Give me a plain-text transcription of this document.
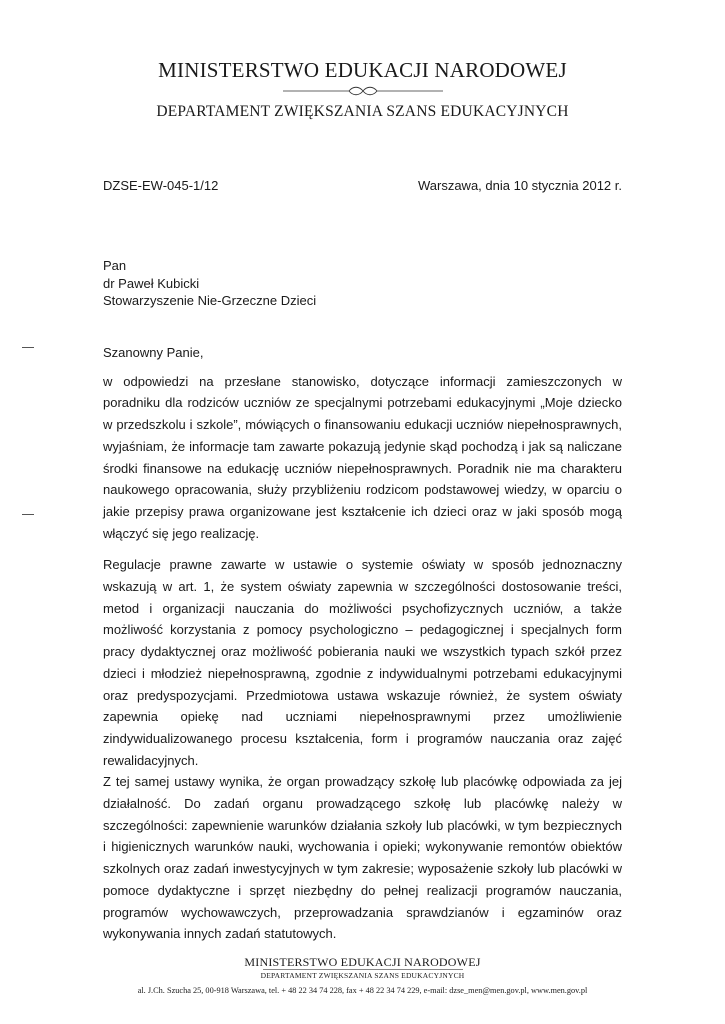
MINISTERSTWO EDUKACJI NARODOWEJ
DEPARTAMENT ZWIĘKSZANIA SZANS EDUKACYJNYCH
DZSE-EW-045-1/12	Warszawa, dnia 10 stycznia 2012 r.
Pan
dr Paweł Kubicki
Stowarzyszenie Nie-Grzeczne Dzieci

Szanowny Panie,

w odpowiedzi na przesłane stanowisko, dotyczące informacji zamieszczonych w poradniku dla rodziców uczniów ze specjalnymi potrzebami edukacyjnymi „Moje dziecko w przedszkolu i szkole”, mówiących o finansowaniu edukacji uczniów niepełnosprawnych, wyjaśniam, że informacje tam zawarte pokazują jedynie skąd pochodzą i jak są naliczane środki finansowe na edukację uczniów niepełnosprawnych. Poradnik nie ma charakteru naukowego opracowania, służy przybliżeniu rodzicom podstawowej wiedzy, w oparciu o jakie przepisy prawa organizowane jest kształcenie ich dzieci oraz w jaki sposób mogą włączyć się jego realizację.

Regulacje prawne zawarte w ustawie o systemie oświaty w sposób jednoznaczny wskazują w art. 1, że system oświaty zapewnia w szczególności dostosowanie treści, metod i organizacji nauczania do możliwości psychofizycznych uczniów, a także możliwość korzystania z pomocy psychologiczno – pedagogicznej i specjalnych form pracy dydaktycznej oraz możliwość pobierania nauki we wszystkich typach szkół przez dzieci i młodzież niepełnosprawną, zgodnie z indywidualnymi potrzebami edukacyjnymi oraz predyspozycjami. Przedmiotowa ustawa wskazuje również, że system oświaty zapewnia opiekę nad uczniami niepełnosprawnymi przez umożliwienie zindywidualizowanego procesu kształcenia, form i programów nauczania oraz zajęć rewalidacyjnych.

Z tej samej ustawy wynika, że organ prowadzący szkołę lub placówkę odpowiada za jej działalność. Do zadań organu prowadzącego szkołę lub placówkę należy w szczególności: zapewnienie warunków działania szkoły lub placówki, w tym bezpiecznych i higienicznych warunków nauki, wychowania i opieki; wykonywanie remontów obiektów szkolnych oraz zadań inwestycyjnych w tym zakresie; wyposażenie szkoły lub placówki w pomoce dydaktyczne i sprzęt niezbędny do pełnej realizacji programów nauczania, programów wychowawczych, przeprowadzania sprawdzianów i egzaminów oraz wykonywania innych zadań statutowych.

MINISTERSTWO EDUKACJI NARODOWEJ
DEPARTAMENT ZWIĘKSZANIA SZANS EDUKACYJNYCH
al. J.Ch. Szucha 25, 00-918 Warszawa, tel. + 48 22 34 74 228, fax + 48 22 34 74 229, e-mail: dzse_men@men.gov.pl, www.men.gov.pl
